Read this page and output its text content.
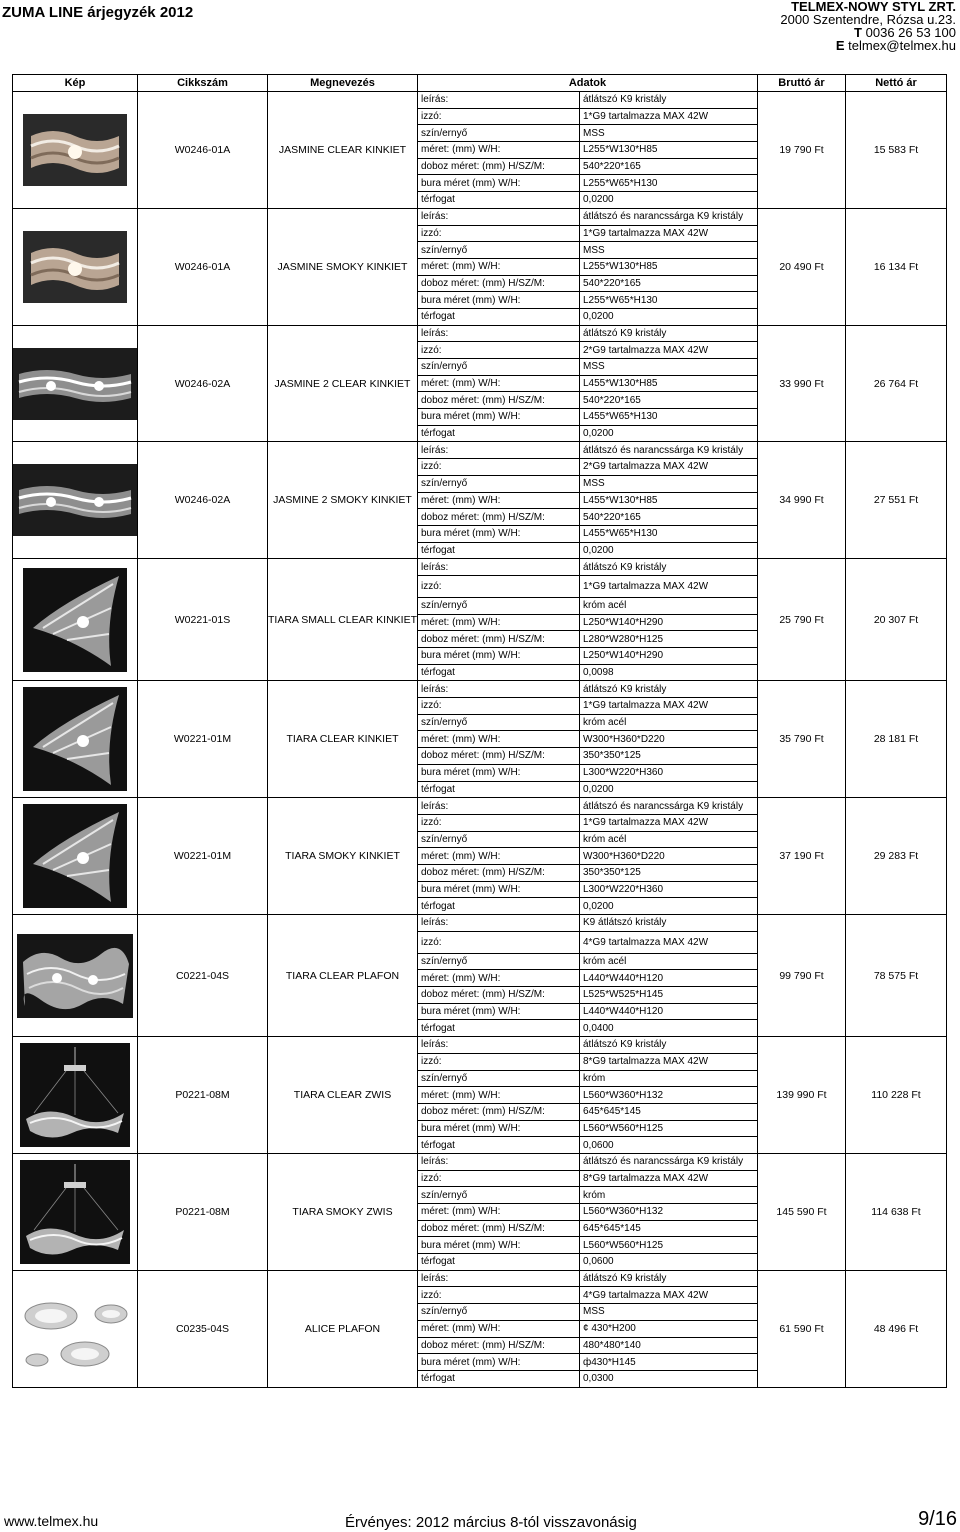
ZUMA LINE árjegyzék 2012	TELMEX-NOWY STYL ZRT.
2000 Szentendre, Rózsa u.23.
T 0036 26 53 100
E telmex@telmex.hu
Kép	Cikkszám	Megnevezés	Adatok	Bruttó ár	Nettó ár

	W0246-01A	JASMINE CLEAR KINKIET	
leírás:	átlátszó K9 kristály
izzó:	1*G9 tartalmazza MAX 42W
szín/ernyő	MSS
méret: (mm) W/H:	L255*W130*H85
doboz méret: (mm) H/SZ/M:	540*220*165
bura méret (mm) W/H:	L255*W65*H130
térfogat	0,0200
	19 790 Ft	15 583 Ft

	W0246-01A	JASMINE SMOKY KINKIET	
leírás:	átlátszó és narancssárga K9 kristály
izzó:	1*G9 tartalmazza MAX 42W
szín/ernyő	MSS
méret: (mm) W/H:	L255*W130*H85
doboz méret: (mm) H/SZ/M:	540*220*165
bura méret (mm) W/H:	L255*W65*H130
térfogat	0,0200
	20 490 Ft	16 134 Ft

	W0246-02A	JASMINE 2 CLEAR KINKIET	
leírás:	átlátszó K9 kristály
izzó:	2*G9 tartalmazza MAX 42W
szín/ernyő	MSS
méret: (mm) W/H:	L455*W130*H85
doboz méret: (mm) H/SZ/M:	540*220*165
bura méret (mm) W/H:	L455*W65*H130
térfogat	0,0200
	33 990 Ft	26 764 Ft

	W0246-02A	JASMINE 2 SMOKY KINKIET	
leírás:	átlátszó és narancssárga K9 kristály
izzó:	2*G9 tartalmazza MAX 42W
szín/ernyő	MSS
méret: (mm) W/H:	L455*W130*H85
doboz méret: (mm) H/SZ/M:	540*220*165
bura méret (mm) W/H:	L455*W65*H130
térfogat	0,0200
	34 990 Ft	27 551 Ft

	W0221-01S	TIARA SMALL CLEAR KINKIET	
leírás:	átlátszó K9 kristály
izzó:	1*G9 tartalmazza MAX 42W
szín/ernyő	króm acél
méret: (mm) W/H:	L250*W140*H290
doboz méret: (mm) H/SZ/M:	L280*W280*H125
bura méret (mm) W/H:	L250*W140*H290
térfogat	0,0098
	25 790 Ft	20 307 Ft

	W0221-01M	TIARA CLEAR KINKIET	
leírás:	átlátszó K9 kristály
izzó:	1*G9 tartalmazza MAX 42W
szín/ernyő	króm acél
méret: (mm) W/H:	W300*H360*D220
doboz méret: (mm) H/SZ/M:	350*350*125
bura méret (mm) W/H:	L300*W220*H360
térfogat	0,0200
	35 790 Ft	28 181 Ft

	W0221-01M	TIARA SMOKY KINKIET	
leírás:	átlátszó és narancssárga K9 kristály
izzó:	1*G9 tartalmazza MAX 42W
szín/ernyő	króm acél
méret: (mm) W/H:	W300*H360*D220
doboz méret: (mm) H/SZ/M:	350*350*125
bura méret (mm) W/H:	L300*W220*H360
térfogat	0,0200
	37 190 Ft	29 283 Ft

	C0221-04S	TIARA CLEAR PLAFON	
leírás:	K9 átlátszó kristály
izzó:	4*G9 tartalmazza MAX 42W
szín/ernyő	króm acél
méret: (mm) W/H:	L440*W440*H120
doboz méret: (mm) H/SZ/M:	L525*W525*H145
bura méret (mm) W/H:	L440*W440*H120
térfogat	0,0400
	99 790 Ft	78 575 Ft

	P0221-08M	TIARA CLEAR ZWIS	
leírás:	átlátszó K9 kristály
izzó:	8*G9 tartalmazza MAX 42W
szín/ernyő	króm
méret: (mm) W/H:	L560*W360*H132
doboz méret: (mm) H/SZ/M:	645*645*145
bura méret (mm) W/H:	L560*W560*H125
térfogat	0,0600
	139 990 Ft	110 228 Ft

	P0221-08M	TIARA SMOKY ZWIS	
leírás:	átlátszó és narancssárga K9 kristály
izzó:	8*G9 tartalmazza MAX 42W
szín/ernyő	króm
méret: (mm) W/H:	L560*W360*H132
doboz méret: (mm) H/SZ/M:	645*645*145
bura méret (mm) W/H:	L560*W560*H125
térfogat	0,0600
	145 590 Ft	114 638 Ft

	C0235-04S	ALICE PLAFON	
leírás:	átlátszó K9 kristály
izzó:	4*G9 tartalmazza MAX 42W
szín/ernyő	MSS
méret: (mm) W/H:	¢ 430*H200
doboz méret: (mm) H/SZ/M:	480*480*140
bura méret (mm) W/H:	ф430*H145
térfogat	0,0300
	61 590 Ft	48 496 Ft
www.telmex.hu	Érvényes: 2012 március 8-tól visszavonásig	9/16
